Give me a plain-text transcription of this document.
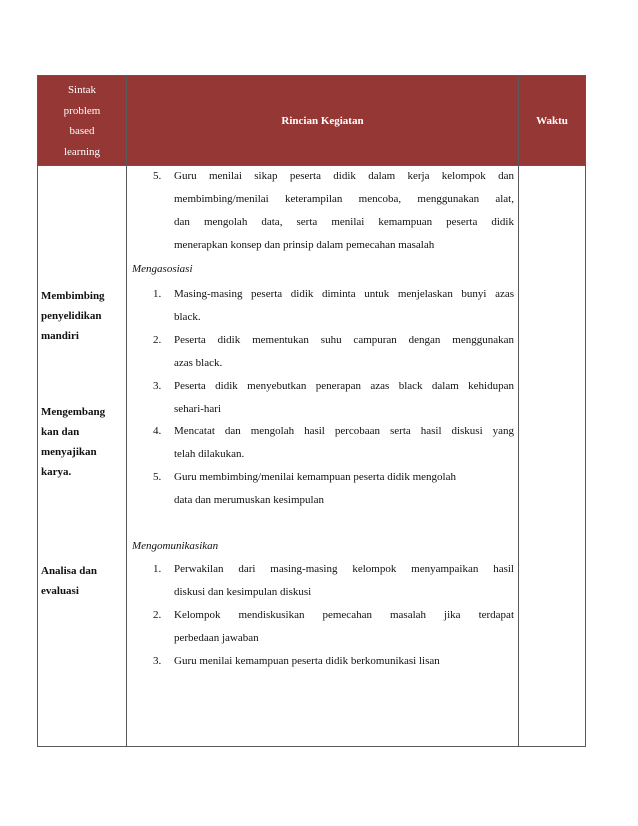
Sintak
problem
based
learning
Rincian Kegiatan	Waktu
Membimbing
penyelidikan
mandiri
Mengembang
kan dan
menyajikan
karya.
Analisa dan
evaluasi
5. Guru menilai sikap peserta didik dalam kerja kelompok dan
membimbing/menilai keterampilan mencoba, menggunakan alat,
dan mengolah data, serta menilai kemampuan peserta didik
menerapkan konsep dan prinsip dalam pemecahan masalah
Mengasosiasi
1. Masing-masing peserta didik diminta untuk menjelaskan bunyi azas
black.
2. Peserta didik mementukan suhu campuran dengan menggunakan
azas black.
3. Peserta didik menyebutkan penerapan azas black dalam kehidupan
sehari-hari
4. Mencatat dan mengolah hasil percobaan serta hasil diskusi yang
telah dilakukan.
5. Guru membimbing/menilai kemampuan peserta didik mengolah
data dan merumuskan kesimpulan
Mengomunikasikan
1. Perwakilan dari masing-masing kelompok menyampaikan hasil
diskusi dan kesimpulan diskusi
2. Kelompok mendiskusikan pemecahan masalah jika terdapat
perbedaan jawaban
3. Guru menilai kemampuan peserta didik berkomunikasi lisan
